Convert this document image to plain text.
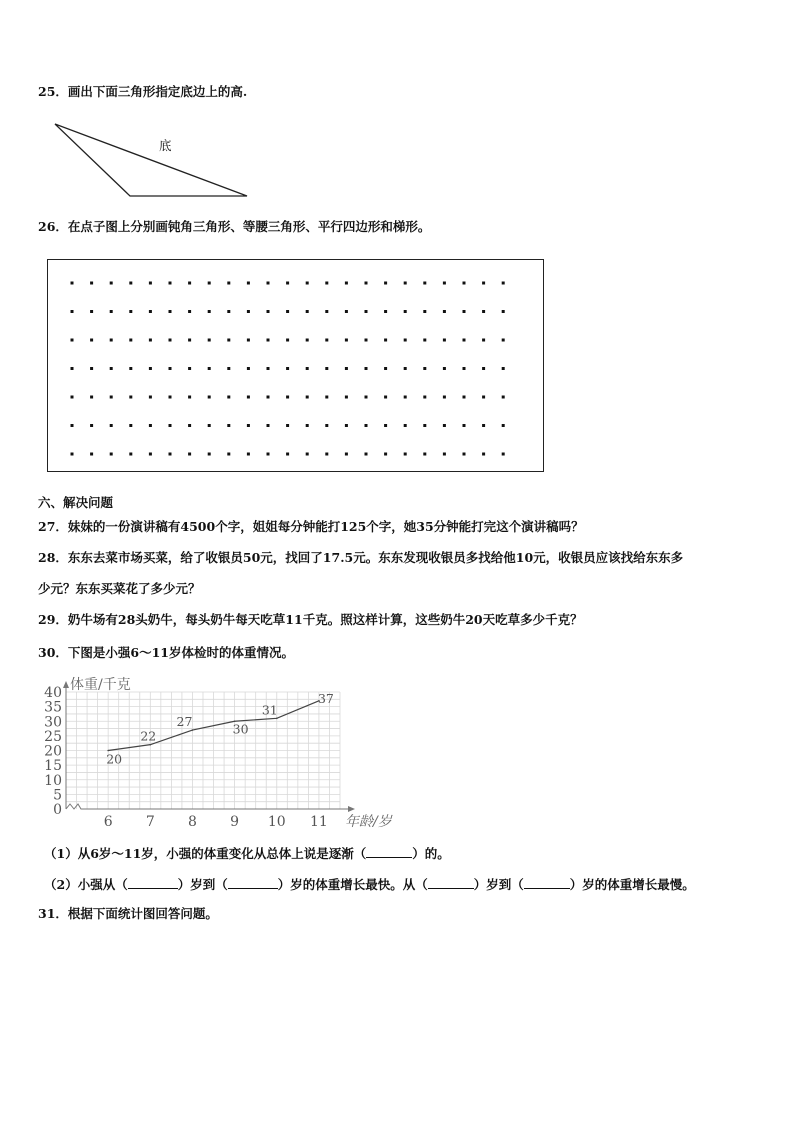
25．画出下面三角形指定底边上的高.
底
26．在点子图上分别画钝角三角形、等腰三角形、平行四边形和梯形。
六、解决问题
27．妹妹的一份演讲稿有4500个字，姐姐每分钟能打125个字，她35分钟能打完这个演讲稿吗？
28．东东去菜市场买菜，给了收银员50元，找回了17.5元。东东发现收银员多找给他10元，收银员应该找给东东多
少元？东东买菜花了多少元？
29．奶牛场有28头奶牛，每头奶牛每天吃草11千克。照这样计算，这些奶牛20天吃草多少千克？
30．下图是小强6～11岁体检时的体重情况。
0
5
10
15
20
25
30
35
40
6 7 8 9 10 11
20
22
27	30
31
37
体重/千克
年龄/岁
（1）从6岁～11岁，小强的体重变化从总体上说是逐渐（	）的。
（2）小强从（	）岁到（	）岁的体重增长最快。从（	）岁到（	）岁的体重增长最慢。
31．根据下面统计图回答问题。
